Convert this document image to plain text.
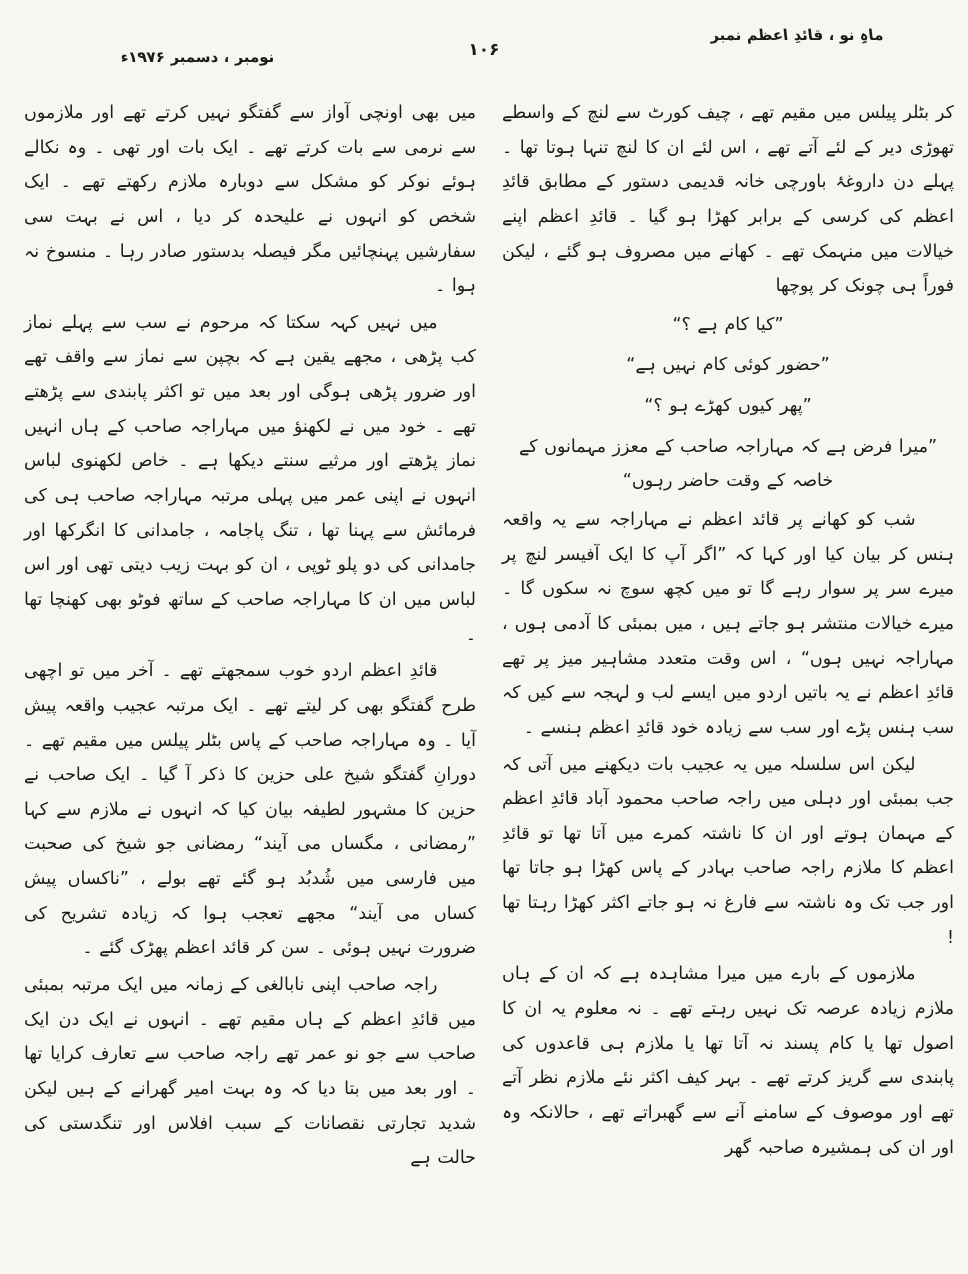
ماہِ نو ، قائدِ اعظم نمبر
۱۰۶
نومبر ، دسمبر ۱۹۷۶ء

کر بٹلر پیلس میں مقیم تھے ، چیف کورٹ سے لنچ کے واسطے تھوڑی دیر کے لئے آتے تھے ، اس لئے ان کا لنچ تنہا ہوتا تھا ۔ پہلے دن داروغۂ باورچی خانہ قدیمی دستور کے مطابق قائدِ اعظم کی کرسی کے برابر کھڑا ہو گیا ۔ قائدِ اعظم اپنے خیالات میں منہمک تھے ۔ کھانے میں مصروف ہو گئے ، لیکن فوراً ہی چونک کر پوچھا

”کیا کام ہے ؟“

”حضور کوئی کام نہیں ہے“

”پھر کیوں کھڑے ہو ؟“

”میرا فرض ہے کہ مہاراجہ صاحب کے معزز مہمانوں کے خاصہ کے وقت حاضر رہوں“

شب کو کھانے پر قائد اعظم نے مہاراجہ سے یہ واقعہ ہنس کر بیان کیا اور کہا کہ ”اگر آپ کا ایک آفیسر لنچ پر میرے سر پر سوار رہے گا تو میں کچھ سوچ نہ سکوں گا ۔ میرے خیالات منتشر ہو جاتے ہیں ، میں بمبئی کا آدمی ہوں ، مہاراجہ نہیں ہوں“ ، اس وقت متعدد مشاہیر میز پر تھے قائدِ اعظم نے یہ باتیں اردو میں ایسے لب و لہجہ سے کیں کہ سب ہنس پڑے اور سب سے زیادہ خود قائدِ اعظم ہنسے ۔

لیکن اس سلسلہ میں یہ عجیب بات دیکھنے میں آتی کہ جب بمبئی اور دہلی میں راجہ صاحب محمود آباد قائدِ اعظم کے مہمان ہوتے اور ان کا ناشتہ کمرے میں آتا تھا تو قائدِ اعظم کا ملازم راجہ صاحب بہادر کے پاس کھڑا ہو جاتا تھا اور جب تک وہ ناشتہ سے فارغ نہ ہو جاتے اکثر کھڑا رہتا تھا !

ملازموں کے بارے میں میرا مشاہدہ ہے کہ ان کے ہاں ملازم زیادہ عرصہ تک نہیں رہتے تھے ۔ نہ معلوم یہ ان کا اصول تھا یا کام پسند نہ آتا تھا یا ملازم ہی قاعدوں کی پابندی سے گریز کرتے تھے ۔ بہر کیف اکثر نئے ملازم نظر آتے تھے اور موصوف کے سامنے آنے سے گھبراتے تھے ، حالانکہ وہ اور ان کی ہمشیرہ صاحبہ گھر

میں بھی اونچی آواز سے گفتگو نہیں کرتے تھے اور ملازموں سے نرمی سے بات کرتے تھے ۔ ایک بات اور تھی ۔ وہ نکالے ہوئے نوکر کو مشکل سے دوبارہ ملازم رکھتے تھے ۔ ایک شخص کو انہوں نے علیحدہ کر دیا ، اس نے بہت سی سفارشیں پہنچائیں مگر فیصلہ بدستور صادر رہا ۔ منسوخ نہ ہوا ۔

میں نہیں کہہ سکتا کہ مرحوم نے سب سے پہلے نماز کب پڑھی ، مجھے یقین ہے کہ بچپن سے نماز سے واقف تھے اور ضرور پڑھی ہوگی اور بعد میں تو اکثر پابندی سے پڑھتے تھے ۔ خود میں نے لکھنؤ میں مہاراجہ صاحب کے ہاں انہیں نماز پڑھتے اور مرثیے سنتے دیکھا ہے ۔ خاص لکھنوی لباس انہوں نے اپنی عمر میں پہلی مرتبہ مہاراجہ صاحب ہی کی فرمائش سے پہنا تھا ، تنگ پاجامہ ، جامدانی کا انگرکھا اور جامدانی کی دو پلو ٹوپی ، ان کو بہت زیب دیتی تھی اور اس لباس میں ان کا مہاراجہ صاحب کے ساتھ فوٹو بھی کھنچا تھا ۔

قائدِ اعظم اردو خوب سمجھتے تھے ۔ آخر میں تو اچھی طرح گفتگو بھی کر لیتے تھے ۔ ایک مرتبہ عجیب واقعہ پیش آیا ۔ وہ مہاراجہ صاحب کے پاس بٹلر پیلس میں مقیم تھے ۔ دورانِ گفتگو شیخ علی حزین کا ذکر آ گیا ۔ ایک صاحب نے حزین کا مشہور لطیفہ بیان کیا کہ انہوں نے ملازم سے کہا ”رمضانی ، مگساں می آیند“ رمضانی جو شیخ کی صحبت میں فارسی میں شُدبُد ہو گئے تھے بولے ، ”ناکساں پیش کساں می آیند“ مجھے تعجب ہوا کہ زیادہ تشریح کی ضرورت نہیں ہوئی ۔ سن کر قائد اعظم پھڑک گئے ۔

راجہ صاحب اپنی نابالغی کے زمانہ میں ایک مرتبہ بمبئی میں قائدِ اعظم کے ہاں مقیم تھے ۔ انہوں نے ایک دن ایک صاحب سے جو نو عمر تھے راجہ صاحب سے تعارف کرایا تھا ۔ اور بعد میں بتا دیا کہ وہ بہت امیر گھرانے کے ہیں لیکن شدید تجارتی نقصانات کے سبب افلاس اور تنگدستی کی حالت ہے
